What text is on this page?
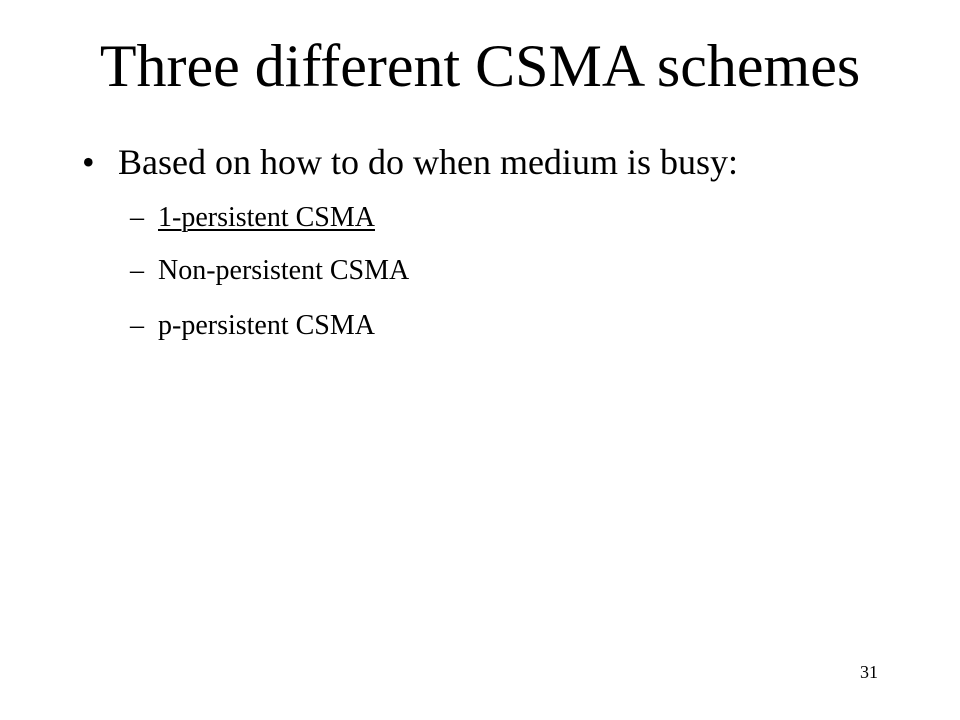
Three different CSMA schemes
• Based on how to do when medium is busy:
– 1-persistent CSMA
– Non-persistent CSMA
– p-persistent CSMA
31
